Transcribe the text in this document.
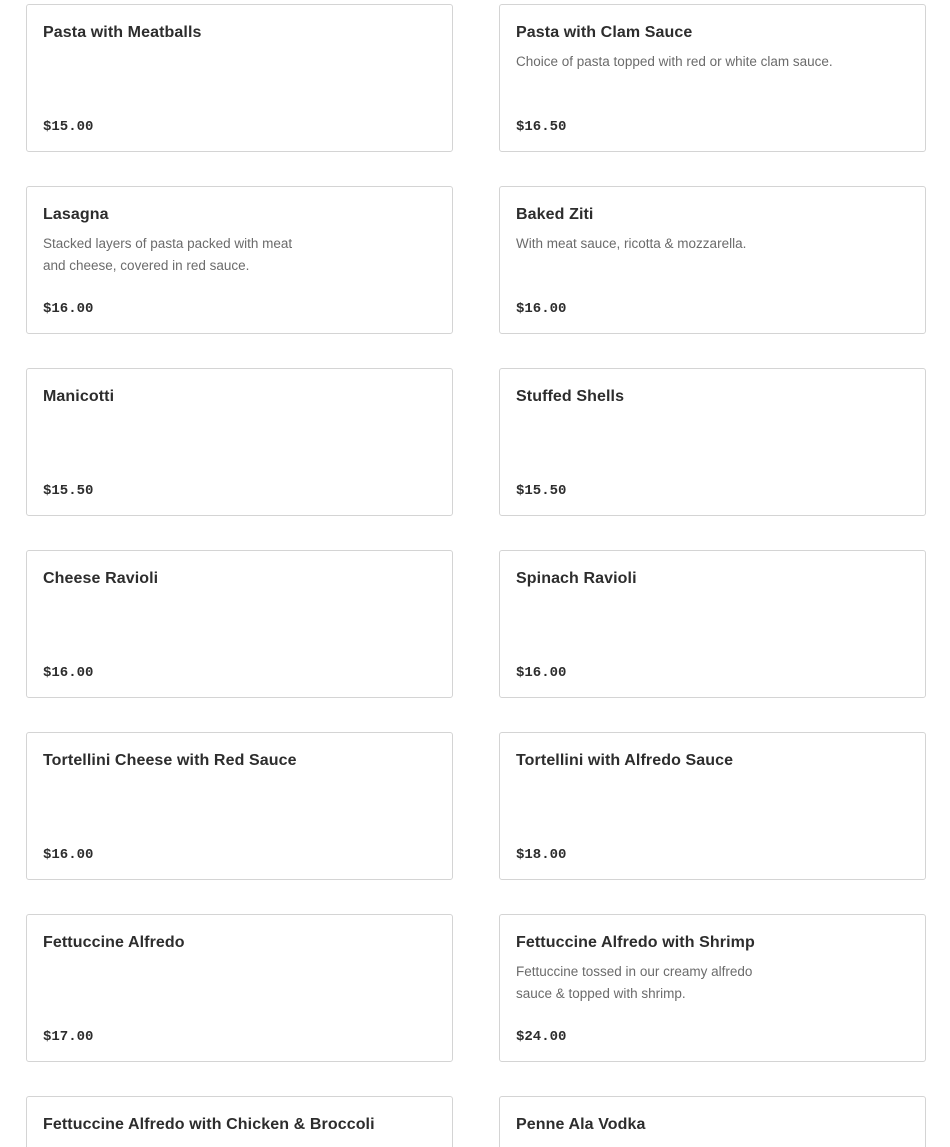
Pasta with Meatballs
$15.00
Pasta with Clam Sauce
Choice of pasta topped with red or white clam sauce.
$16.50
Lasagna
Stacked layers of pasta packed with meat and cheese, covered in red sauce.
$16.00
Baked Ziti
With meat sauce, ricotta & mozzarella.
$16.00
Manicotti
$15.50
Stuffed Shells
$15.50
Cheese Ravioli
$16.00
Spinach Ravioli
$16.00
Tortellini Cheese with Red Sauce
$16.00
Tortellini with Alfredo Sauce
$18.00
Fettuccine Alfredo
$17.00
Fettuccine Alfredo with Shrimp
Fettuccine tossed in our creamy alfredo sauce & topped with shrimp.
$24.00
Fettuccine Alfredo with Chicken & Broccoli	Penne Ala Vodka
